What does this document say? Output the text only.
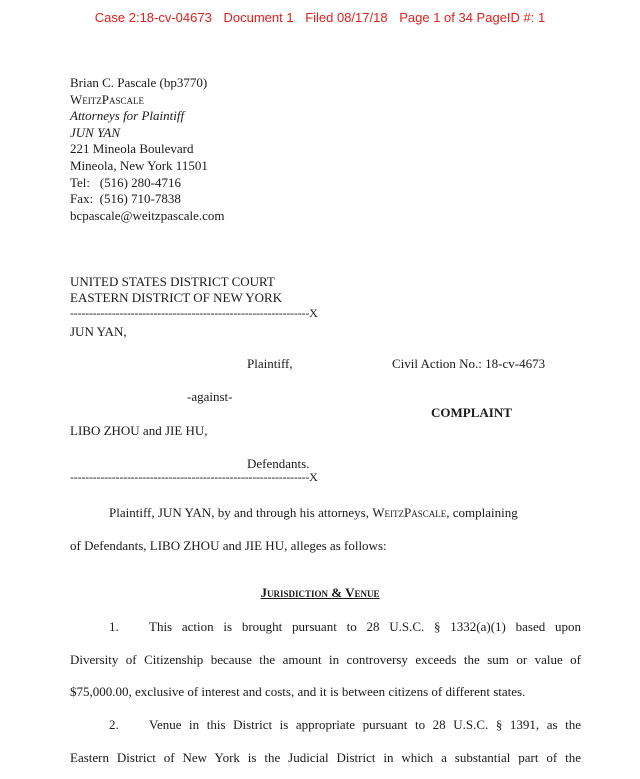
Case 2:18-cv-04673 Document 1 Filed 08/17/18 Page 1 of 34 PageID #: 1
Brian C. Pascale (bp3770)
WeitzPascale
Attorneys for Plaintiff
JUN YAN
221 Mineola Boulevard
Mineola, New York 11501
Tel:   (516) 280-4716
Fax:  (516) 710-7838
bcpascale@weitzpascale.com
UNITED STATES DISTRICT COURT
EASTERN DISTRICT OF NEW YORK
---------------------------------------------------------------X
JUN YAN,
Plaintiff,	Civil Action No.: 18-cv-4673
-against-
COMPLAINT
LIBO ZHOU and JIE HU,
Defendants.
---------------------------------------------------------------X
Plaintiff, JUN YAN, by and through his attorneys, WeitzPascale, complaining
of Defendants, LIBO ZHOU and JIE HU, alleges as follows:
Jurisdiction & Venue
1. This action is brought pursuant to 28 U.S.C. § 1332(a)(1) based upon
Diversity of Citizenship because the amount in controversy exceeds the sum or value of
$75,000.00, exclusive of interest and costs, and it is between citizens of different states.
2. Venue in this District is appropriate pursuant to 28 U.S.C. § 1391, as the
Eastern District of New York is the Judicial District in which a substantial part of the
